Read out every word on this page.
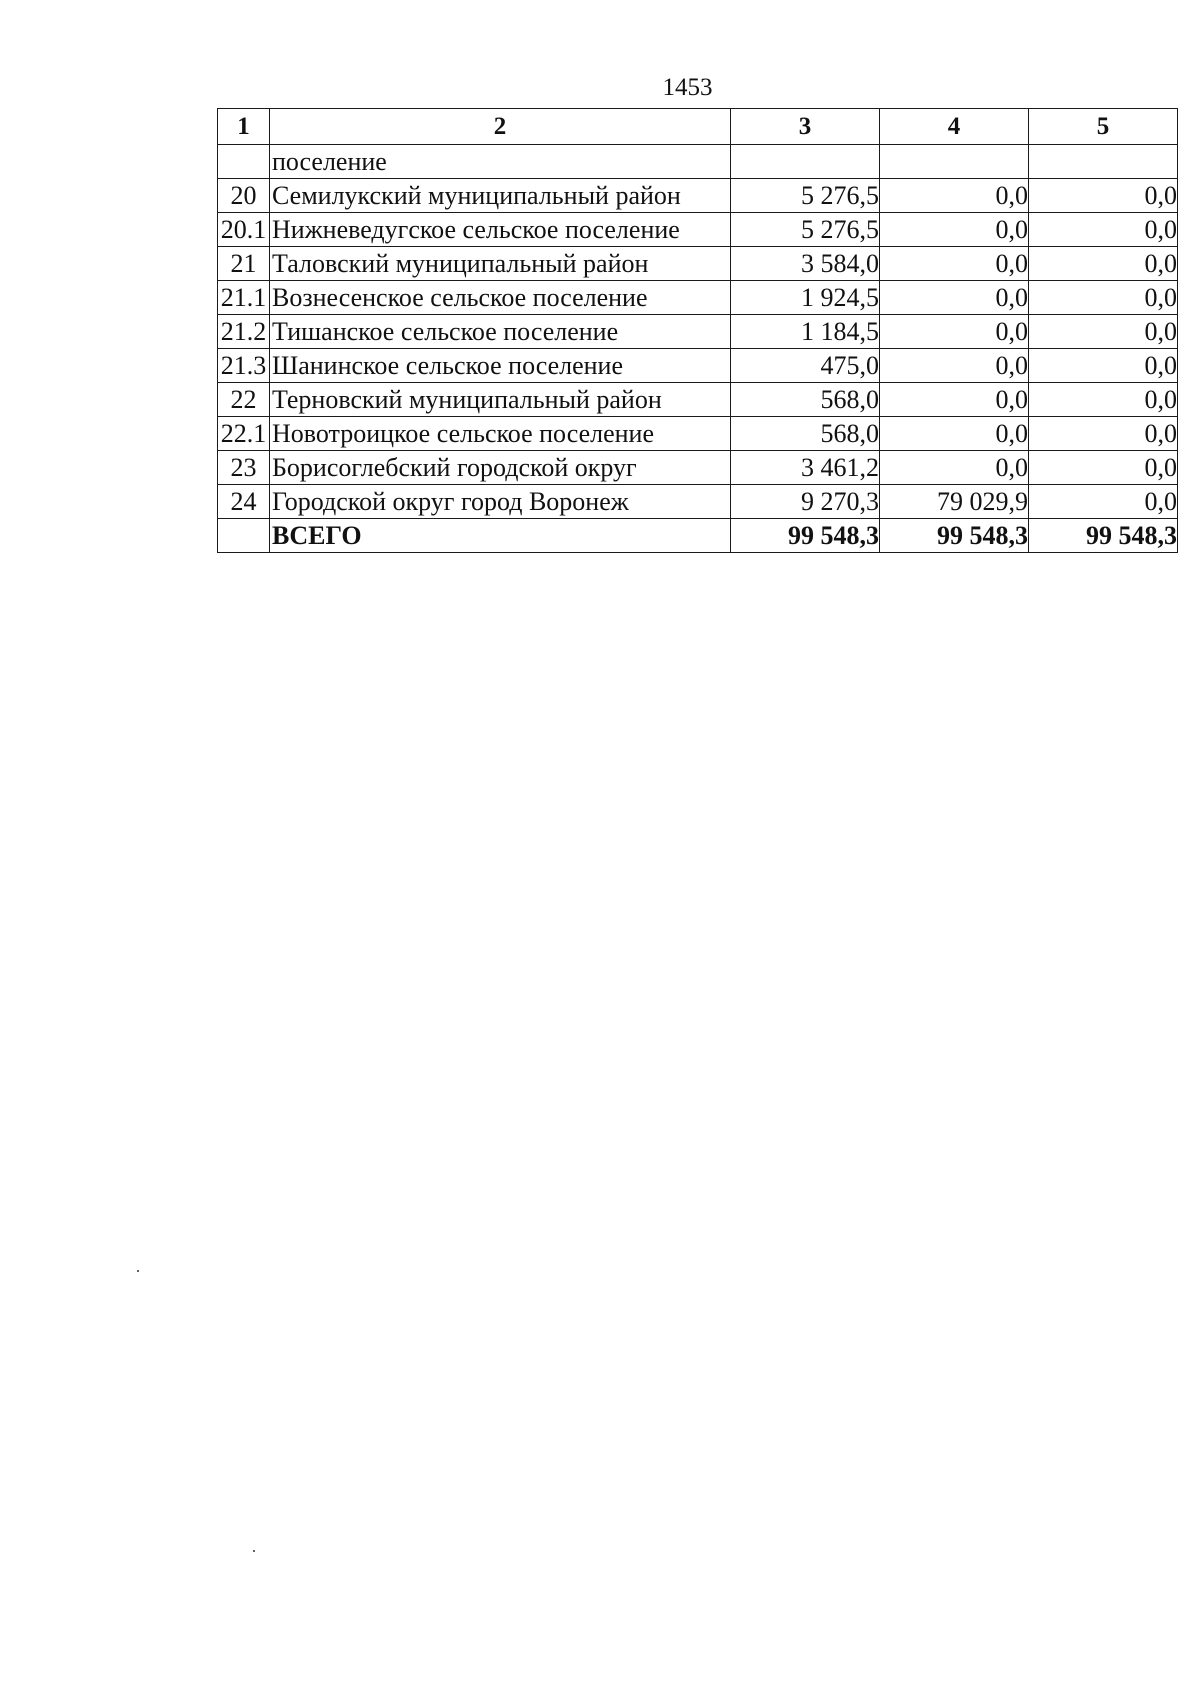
1453
1	2	3	4	5
	поселение			
20	Семилукский муниципальный район	5 276,5	0,0	0,0
20.1	Нижневедугское сельское поселение	5 276,5	0,0	0,0
21	Таловский муниципальный район	3 584,0	0,0	0,0
21.1	Вознесенское сельское поселение	1 924,5	0,0	0,0
21.2	Тишанское сельское поселение	1 184,5	0,0	0,0
21.3	Шанинское сельское поселение	475,0	0,0	0,0
22	Терновский муниципальный район	568,0	0,0	0,0
22.1	Новотроицкое сельское поселение	568,0	0,0	0,0
23	Борисоглебский городской округ	3 461,2	0,0	0,0
24	Городской округ город Воронеж	9 270,3	79 029,9	0,0
	ВСЕГО	99 548,3	99 548,3	99 548,3
